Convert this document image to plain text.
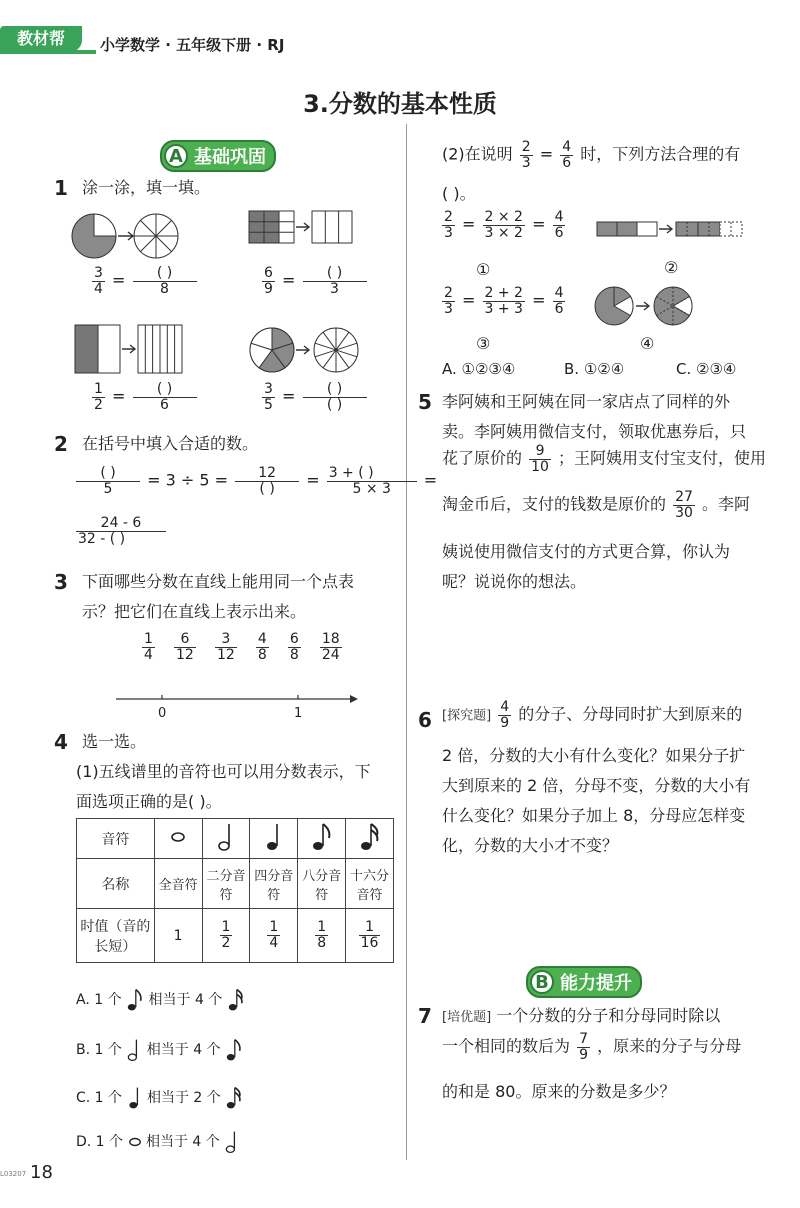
教材帮	小学数学 · 五年级下册 · RJ
3.分数的基本性质
A 基础巩固
1 涂一涂，填一填。
$\frac{3}{4} = \frac{( )}{8}$	$\frac{6}{9} = \frac{( )}{3}$
$\frac{1}{2} = \frac{( )}{6}$	$\frac{3}{5} = \frac{( )}{( )}$
2 在括号中填入合适的数。
$\frac{( )}{5} = 3 \div 5 = \frac{12}{( )} = \frac{3 + ( )}{5 \times 3}$ =
$\frac{24 - 6}{32 - ( )}$
3 下面哪些分数在直线上能用同一个点表
示？把它们在直线上表示出来。
$\frac{1}{4}$
$\frac{6}{12}$
$\frac{3}{12}$
$\frac{4}{8}$
$\frac{6}{8}$
$\frac{18}{24}$
0	1
4 选一选。
(1)五线谱里的音符也可以用分数表示，下
面选项正确的是( )。
音符					
名称	全音符	二分音符	四分音符	八分音符	十六分音符
时值（音的长短）	1	$\frac{1}{2}$	$\frac{1}{4}$	$\frac{1}{8}$	$\frac{1}{16}$
A. 1 个 相当于 4 个
B. 1 个 相当于 4 个
C. 1 个 相当于 2 个
D. 1 个 相当于 4 个
L03207 18
(2)在说明 $\frac{2}{3} = \frac{4}{6}$ 时，下列方法合理的有
( )。
$\frac{2}{3} = \frac{2 \times 2}{3 \times 2} = \frac{4}{6}$
①	②
$\frac{2}{3} = \frac{2 + 2}{3 + 3} = \frac{4}{6}$
③	④
A. ①②③④	B. ①②④	C. ②③④
5 李阿姨和王阿姨在同一家店点了同样的外
卖。李阿姨用微信支付，领取优惠券后，只
花了原价的 $\frac{9}{10}$ ；王阿姨用支付宝支付，使用
淘金币后，支付的钱数是原价的 $\frac{27}{30}$ 。李阿
姨说使用微信支付的方式更合算，你认为
呢？说说你的想法。
6 [探究题] $\frac{4}{9}$ 的分子、分母同时扩大到原来的
2 倍，分数的大小有什么变化？如果分子扩
大到原来的 2 倍，分母不变，分数的大小有
什么变化？如果分子加上 8，分母应怎样变
化，分数的大小才不变？
B 能力提升
7 [培优题] 一个分数的分子和分母同时除以
一个相同的数后为 $\frac{7}{9}$ ，原来的分子与分母
的和是 80。原来的分数是多少？
